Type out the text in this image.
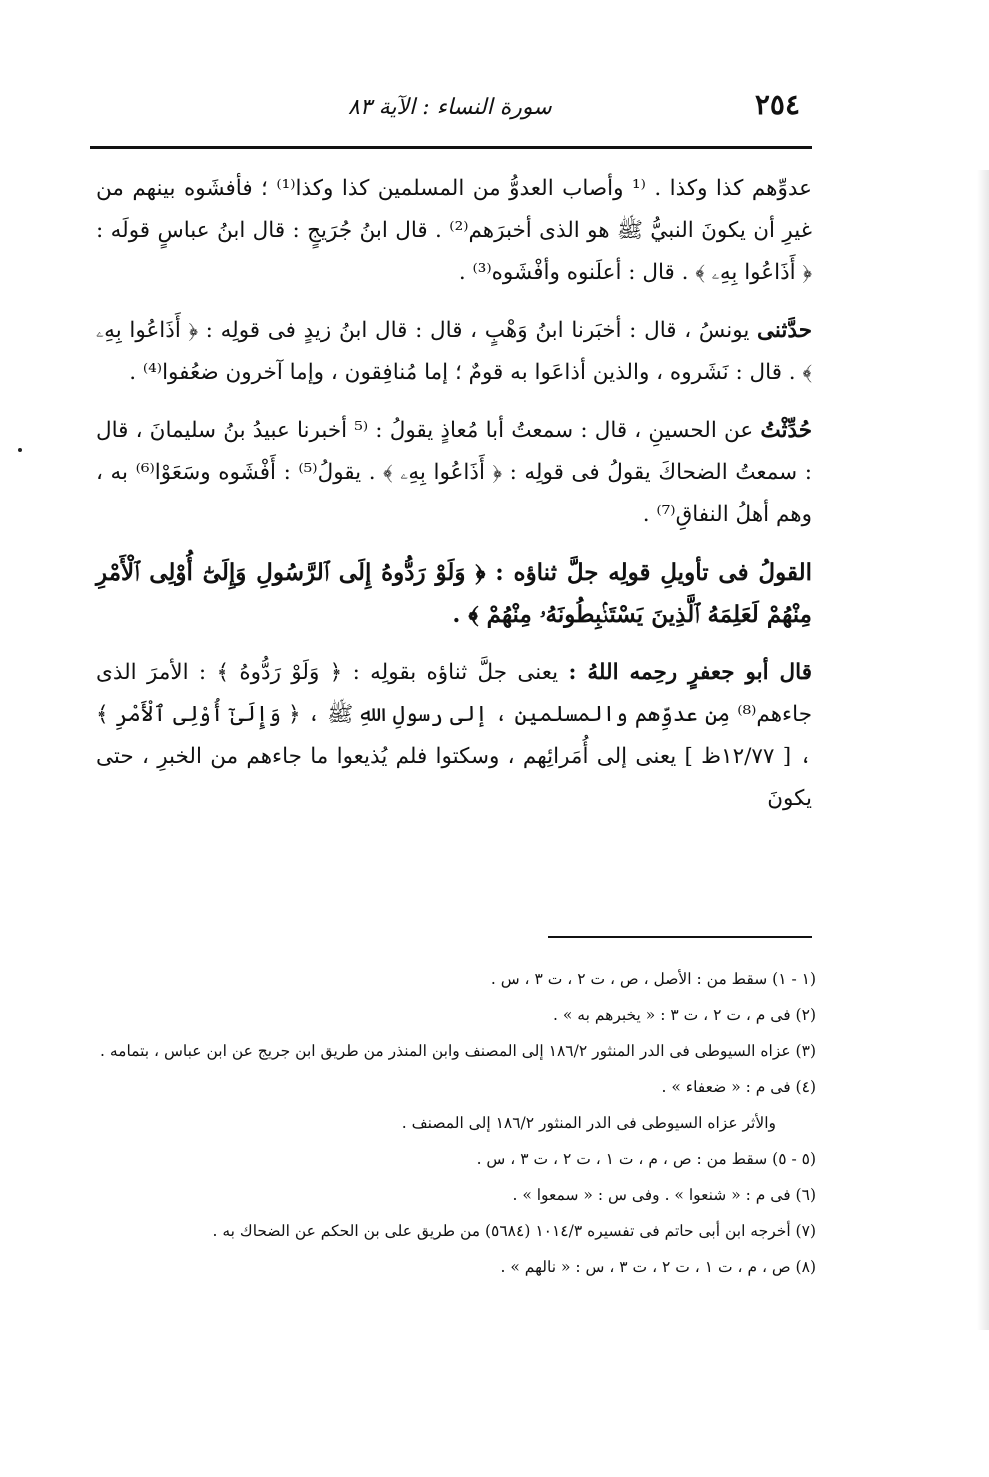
٢٥٤
سورة النساء : الآية ٨٣

عدوِّهم كذا وكذا . ⁽¹ وأصاب العدوُّ من المسلمين كذا وكذا⁽¹⁾ ؛ فأفشَوه بينهم من غيرِ أن يكونَ النبيُّ ﷺ هو الذى أخبرَهم⁽²⁾ . قال ابنُ جُرَيجٍ : قال ابنُ عباسٍ قولَه : ﴿ أَذَاعُوا بِهِۦ ﴾ . قال : أعلَنوه وأفْشَوه⁽³⁾ .

حدَّثنى يونسُ ، قال : أخبَرنا ابنُ وَهْبٍ ، قال : قال ابنُ زيدٍ فى قولِه : ﴿ أَذَاعُوا بِهِۦ ﴾ . قال : نَشَروه ، والذين أذاعَوا به قومٌ ؛ إما مُنافِقون ، وإما آخرون ضعُفوا⁽⁴⁾ .

حُدِّثْتُ عن الحسينِ ، قال : سمعتُ أبا مُعاذٍ يقولُ : ⁽⁵ أخبرنا عبيدُ بنُ سليمانَ ، قال : سمعتُ الضحاكَ يقولُ فى قولِه : ﴿ أَذَاعُوا بِهِۦ ﴾ . يقولُ⁽⁵⁾ : أَفْشَوه وسَعَوْا⁽⁶⁾ به ، وهم أهلُ النفاقِ⁽⁷⁾ .

القولُ فى تأويلِ قولِه جلَّ ثناؤه : ﴿ وَلَوْ رَدُّوهُ إِلَى ٱلرَّسُولِ وَإِلَىٰٓ أُوْلِى ٱلْأَمْرِ مِنْهُمْ لَعَلِمَهُ ٱلَّذِينَ يَسْتَنۢبِطُونَهُۥ مِنْهُمْ ﴾ .

قال أبو جعفرٍ رحِمه اللهُ : يعنى جلَّ ثناؤه بقولِه : ﴿ وَلَوْ رَدُّوهُ ﴾ : الأمرَ الذى جاءهم⁽⁸⁾ مِن عدوِّهم والمسلمين ، إلى رسولِ اللهِ ﷺ ، ﴿ وَإِلَىٰٓ أُوْلِى ٱلْأَمْرِ ﴾ ، [ ١٢/٧٧ظ ] يعنى إلى أُمَرائِهم ، وسكتوا فلم يُذيعوا ما جاءهم من الخبرِ ، حتى يكونَ

(١ - ١) سقط من : الأصل ، ص ، ت ٢ ، ت ٣ ، س .
(٢) فى م ، ت ٢ ، ت ٣ : « يخبرهم به » .
(٣) عزاه السيوطى فى الدر المنثور ١٨٦/٢ إلى المصنف وابن المنذر من طريق ابن جريج عن ابن عباس ، بتمامه .
(٤) فى م : « ضعفاء » .
والأثر عزاه السيوطى فى الدر المنثور ١٨٦/٢ إلى المصنف .
(٥ - ٥) سقط من : ص ، م ، ت ١ ، ت ٢ ، ت ٣ ، س .
(٦) فى م : « شنعوا » . وفى س : « سمعوا » .
(٧) أخرجه ابن أبى حاتم فى تفسيره ١٠١٤/٣ (٥٦٨٤) من طريق على بن الحكم عن الضحاك به .
(٨) ص ، م ، ت ١ ، ت ٢ ، ت ٣ ، س : « نالهم » .
